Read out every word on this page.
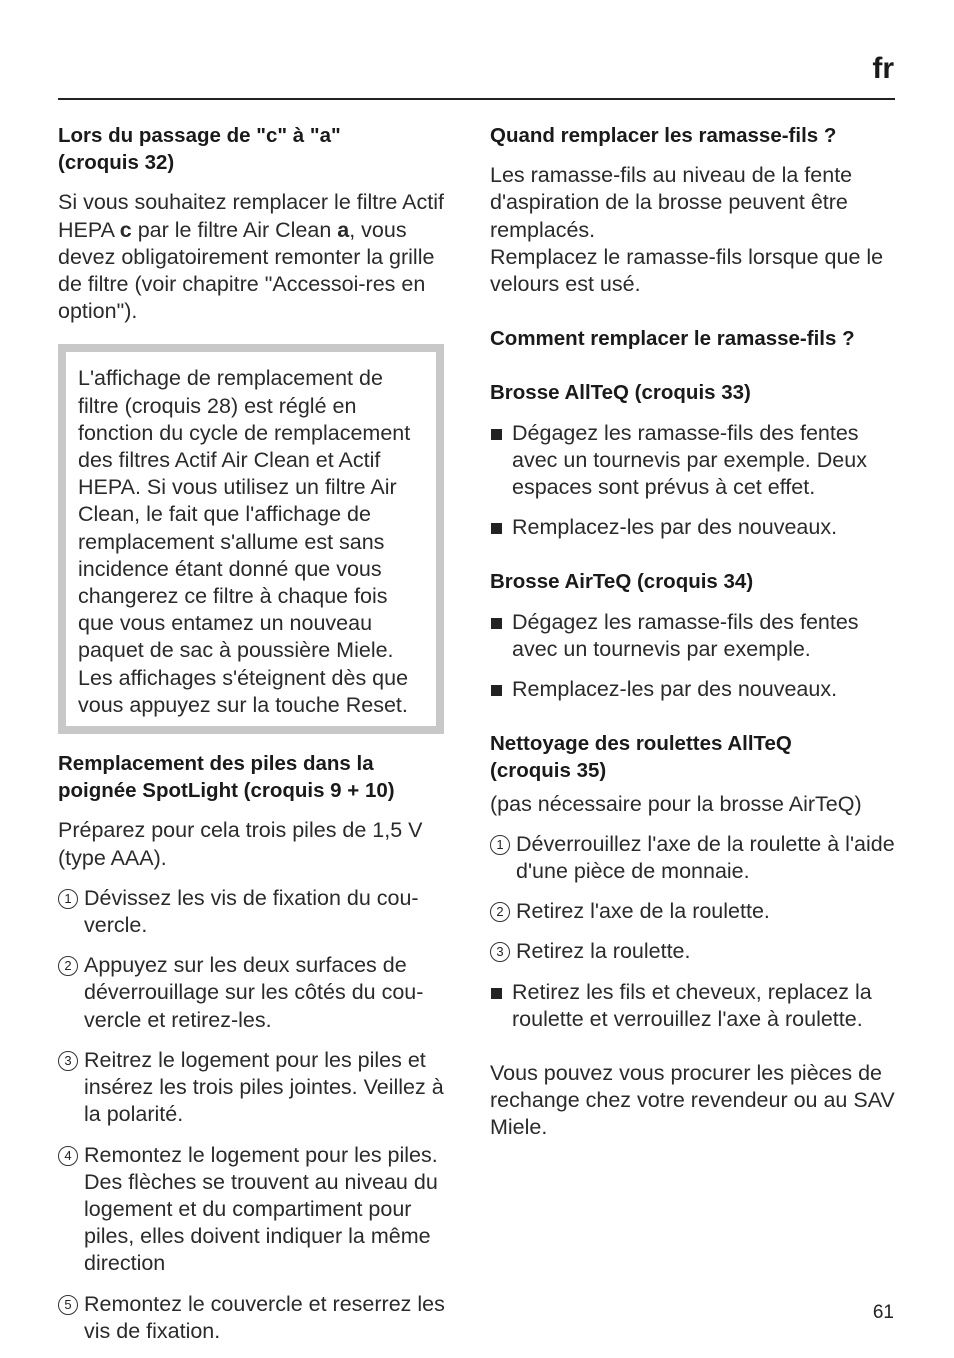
fr
Lors du passage de "c" à "a"
(croquis 32)

Si vous souhaitez remplacer le filtre Actif HEPA c par le filtre Air Clean a, vous devez obligatoirement remonter la grille de filtre (voir chapitre "Accessoi-res en option").

L'affichage de remplacement de filtre (croquis 28) est réglé en fonction du cycle de remplacement des filtres Actif Air Clean et Actif HEPA. Si vous utilisez un filtre Air Clean, le fait que l'affichage de remplacement s'allume est sans incidence étant donné que vous changerez ce filtre à chaque fois que vous entamez un nouveau paquet de sac à poussière Miele. Les affichages s'éteignent dès que vous appuyez sur la touche Reset.

Remplacement des piles dans la
poignée SpotLight (croquis 9 + 10)

Préparez pour cela trois piles de 1,5 V (type AAA).

1 Dévissez les vis de fixation du cou-vercle.
2 Appuyez sur les deux surfaces de déverrouillage sur les côtés du cou-vercle et retirez-les.
3 Reitrez le logement pour les piles et insérez les trois piles jointes. Veillez à la polarité.
4 Remontez le logement pour les piles. Des flèches se trouvent au niveau du logement et du compartiment pour piles, elles doivent indiquer la même direction
5 Remontez le couvercle et reserrez les vis de fixation.
Quand remplacer les ramasse-fils ?

Les ramasse-fils au niveau de la fente d'aspiration de la brosse peuvent être remplacés.

Remplacez le ramasse-fils lorsque que le velours est usé.

Comment remplacer le ramasse-fils ?
Brosse AllTeQ (croquis 33)
Dégagez les ramasse-fils des fentes avec un tournevis par exemple. Deux espaces sont prévus à cet effet.
Remplacez-les par des nouveaux.
Brosse AirTeQ (croquis 34)
Dégagez les ramasse-fils des fentes avec un tournevis par exemple.
Remplacez-les par des nouveaux.
Nettoyage des roulettes AllTeQ
(croquis 35)

(pas nécessaire pour la brosse AirTeQ)

1 Déverrouillez l'axe de la roulette à l'aide d'une pièce de monnaie.
2 Retirez l'axe de la roulette.
3 Retirez la roulette.
Retirez les fils et cheveux, replacez la roulette et verrouillez l'axe à roulette.

Vous pouvez vous procurer les pièces de rechange chez votre revendeur ou au SAV Miele.

61
